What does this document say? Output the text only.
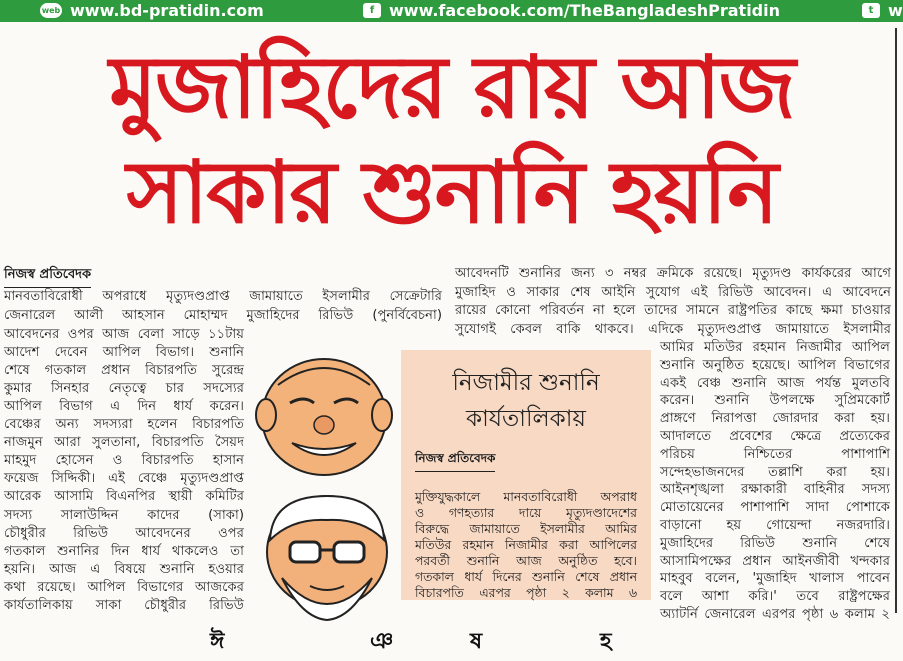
web www.bd-pratidin.com	f www.facebook.com/TheBangladeshPratidin	t w
মুজাহিদের রায় আজ
সাকার শুনানি হয়নি
নিজস্ব প্রতিবেদক
মানবতাবিরোধী অপরাধে মৃত্যুদণ্ডপ্রাপ্ত জামায়াতে ইসলামীর সেক্রেটারি
জেনারেল আলী আহসান মোহাম্মদ মুজাহিদের রিভিউ (পুনর্বিবেচনা)
আবেদনের ওপর আজ বেলা সাড়ে ১১টায়
আদেশ দেবেন আপিল বিভাগ। শুনানি
শেষে গতকাল প্রধান বিচারপতি সুরেন্দ্র
কুমার সিনহার নেতৃত্বে চার সদস্যের
আপিল বিভাগ এ দিন ধার্য করেন।
বেঞ্চের অন্য সদস্যরা হলেন বিচারপতি
নাজমুন আরা সুলতানা, বিচারপতি সৈয়দ
মাহমুদ হোসেন ও বিচারপতি হাসান
ফয়েজ সিদ্দিকী। এই বেঞ্চে মৃত্যুদণ্ডপ্রাপ্ত
আরেক আসামি বিএনপির স্থায়ী কমিটির
সদস্য সালাউদ্দিন কাদের (সাকা)
চৌধুরীর রিভিউ আবেদনের ওপর
গতকাল শুনানির দিন ধার্য থাকলেও তা
হয়নি। আজ এ বিষয়ে শুনানি হওয়ার
কথা রয়েছে। আপিল বিভাগের আজকের
কার্যতালিকায় সাকা চৌধুরীর রিভিউ
আবেদনটি শুনানির জন্য ৩ নম্বর ক্রমিকে রয়েছে। মৃত্যুদণ্ড কার্যকরের আগে
মুজাহিদ ও সাকার শেষ আইনি সুযোগ এই রিভিউ আবেদন। এ আবেদনে
রায়ের কোনো পরিবর্তন না হলে তাদের সামনে রাষ্ট্রপতির কাছে ক্ষমা চাওয়ার
সুযোগই কেবল বাকি থাকবে। এদিকে মৃত্যুদণ্ডপ্রাপ্ত জামায়াতে ইসলামীর
আমির মতিউর রহমান নিজামীর আপিল
শুনানি অনুষ্ঠিত হয়েছে। আপিল বিভাগের
একই বেঞ্চ শুনানি আজ পর্যন্ত মুলতবি
করেন। শুনানি উপলক্ষে সুপ্রিমকোর্ট
প্রাঙ্গণে নিরাপত্তা জোরদার করা হয়।
আদালতে প্রবেশের ক্ষেত্রে প্রত্যেকের
পরিচয় নিশ্চিতের পাশাপাশি
সন্দেহভাজনদের তল্লাশি করা হয়।
আইনশৃঙ্খলা রক্ষাকারী বাহিনীর সদস্য
মোতায়েনের পাশাপাশি সাদা পোশাকে
বাড়ানো হয় গোয়েন্দা নজরদারি।
মুজাহিদের রিভিউ শুনানি শেষে
আসামিপক্ষের প্রধান আইনজীবী খন্দকার
মাহবুব বলেন, 'মুজাহিদ খালাস পাবেন
বলে আশা করি।' তবে রাষ্ট্রপক্ষের
অ্যাটর্নি জেনারেল এরপর পৃষ্ঠা ৬ কলাম ২
নিজামীর শুনানি
কার্যতালিকায়
নিজস্ব প্রতিবেদক
মুক্তিযুদ্ধকালে মানবতাবিরোধী অপরাধ
ও গণহত্যার দায়ে মৃত্যুদণ্ডাদেশের
বিরুদ্ধে জামায়াতে ইসলামীর আমির
মতিউর রহমান নিজামীর করা আপিলের
পরবর্তী শুনানি আজ অনুষ্ঠিত হবে।
গতকাল ধার্য দিনের শুনানি শেষে প্রধান
বিচারপতি এরপর পৃষ্ঠা ২ কলাম ৬
ঈ	ঞ	ষ	হ
